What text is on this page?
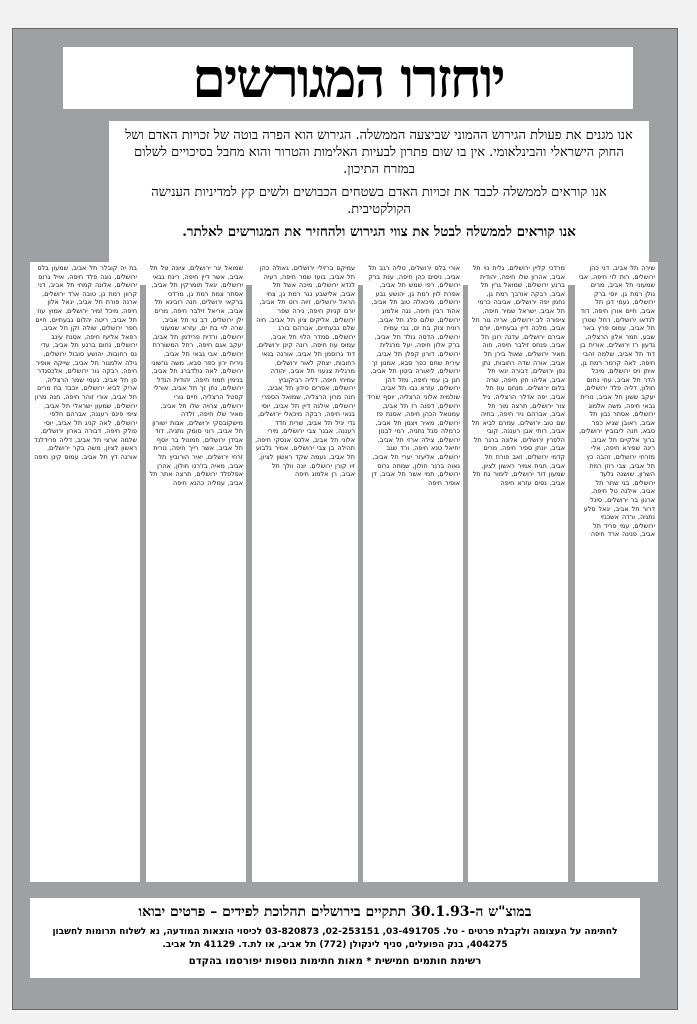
יוחזרו המגורשים

אנו מגנים את פעולת הגירוש ההמוני שביצעה הממשלה. הגירוש הוא הפרה בוטה של זכויות האדם ושל החוק הישראלי והבינלאומי. אין בו שום פתרון לבעיות האלימות והטרור והוא מחבל בסיכויים לשלום במזרח התיכון.

אנו קוראים לממשלה לכבד את זכויות האדם בשטחים הכבושים ולשים קץ למדיניות הענישה הקולקטיבית.

אנו קוראים לממשלה לבטל את צווי הגירוש ולהחזיר את המגורשים לאלתר.

שירה תל אביב, דני כהן ירושלים, רות לוי חיפה, אבי שמעוני תל אביב, מרים גולן רמת גן, יוסי ברק ירושלים, נעמי דגן תל אביב, חיים אורן חיפה, דוד לנדאו ירושלים, רחל שטרן תל אביב, עמוס פרץ באר שבע, תמר אלון הרצליה, גדעון רז ירושלים, אורית בן דוד תל אביב, שלמה זהבי חיפה, לאה קרמר רמת גן, איתן ויס ירושלים, מיכל הדר תל אביב, עוזי נחום חולון, דליה פלד ירושלים, יעקב ששון תל אביב, נורית גבאי חיפה, משה אלמוג ירושלים, אסתר נבון תל אביב, ראובן שגיא כפר סבא, חנה ליבוביץ ירושלים, ברוך אלקיים תל אביב, רינה שפירא חיפה, אלי מזרחי ירושלים, זהבה כץ תל אביב, צבי רוזן רמת השרון, שושנה גלעד ירושלים, בני שחר תל אביב, אילנה טל חיפה, ארנון בר ירושלים, סיגל דרור תל אביב, יגאל סלע נתניה, ורדה אשכנזי ירושלים, עמי פריד תל אביב, פנינה ארד חיפה
מרדכי קליין ירושלים, גלית נוי תל אביב, אהרון שלו חיפה, יהודית ברנע ירושלים, שמואל גרין תל אביב, רבקה אורבך רמת גן, נחמן יפה ירושלים, אביבה כרמי תל אביב, ישראל שמיר חיפה, ציפורה לב ירושלים, אריה גור תל אביב, מלכה דיין גבעתיים, יורם אבירם ירושלים, עדנה רונן תל אביב, פנחס זילבר חיפה, חוה מאיר ירושלים, שאול בירן תל אביב, אורה שדה רחובות, נתן גפן ירושלים, דבורה ינאי תל אביב, אליהו חזן חיפה, שרה בלום ירושלים, מנחם עוז תל אביב, יפה אדלר הרצליה, גיל צור ירושלים, תרצה מור תל אביב, אברהם ניר חיפה, בתיה שם טוב ירושלים, עמרם לביא תל אביב, רותי אבן רעננה, קובי הלפרין ירושלים, אלונה ברגר תל אביב, יונתן ספיר חיפה, מרים קדמי ירושלים, זאב פורת תל אביב, חגית אמיר ראשון לציון, שמעון דוד ירושלים, לימור גת תל אביב, נסים עזרא חיפה
אורי בלס ירושלים, טליה רגב תל אביב, ניסים כהן חיפה, ענת ברק ירושלים, רפי שמש תל אביב, אפרת לוין רמת גן, יהושע גבע ירושלים, מיכאלה טוב תל אביב, אהוד רבין חיפה, נגה אלמוג ירושלים, שלום פלג תל אביב, רונית צוק בת ים, גבי עמית ירושלים, הדסה גולד תל אביב, ברק אלון חיפה, יעל מרגלית ירושלים, דורון קפלן תל אביב, עירית שחם כפר סבא, אמנון זך ירושלים, ליאורה ביטון תל אביב, חנן בן עמי חיפה, מזל דהן ירושלים, עזרא נבו תל אביב, שולמית אלוני הרצליה, יוסף שריד ירושלים, דפנה רז תל אביב, עמנואל הכהן חיפה, אסנת פז ירושלים, מאיר ויצמן תל אביב, כרמלה סגל נתניה, רמי לבנון ירושלים, צילה ארזי תל אביב, יחיאל טנא חיפה, ורד שגב ירושלים, אליעזר יערי תל אביב, נאוה ברנר חולון, שמחה גרוס ירושלים, תמי אשר תל אביב, דן אופיר חיפה
עמיקם ברזילי ירושלים, גאולה כהן תל אביב, בועז שמר חיפה, רעיה לנדא ירושלים, מיכה אשל תל אביב, אלישבע נגר רמת גן, צחי הראל ירושלים, זיוה רוט תל אביב, יורם קניוק חיפה, נירה שפר ירושלים, אליקים ציון תל אביב, חיה שלם גבעתיים, אברהם בורג ירושלים, סמדר הלוי תל אביב, עמוס עוז חיפה, רונה קינן ירושלים, דוד גרוסמן תל אביב, אורנה בנאי רחובות, יצחק לאור ירושלים, מרגלית צנעני תל אביב, יהודה עמיחי חיפה, דליה רביקוביץ ירושלים, אפרים סידון תל אביב, חנה מרון הרצליה, שמואל הספרי ירושלים, אילנה דיין תל אביב, יוסי בנאי חיפה, רבקה מיכאלי ירושלים, גדי יגיל תל אביב, שרית חדד רעננה, אבנר צבי ירושלים, מירי אלוני תל אביב, אלכס אנסקי חיפה, תהילה בן צבי ירושלים, אמיר גלבוע תל אביב, נעמה שקד ראשון לציון, זיו קורן ירושלים, יונה וולך תל אביב, רן אלמוג חיפה
שמואל יגר ירושלים, ציונה טל תל אביב, אשר דיין חיפה, רינת גבאי ירושלים, יגאל תומרקין תל אביב, אסתר צמח רמת גן, מרדכי ברקאי ירושלים, חנה רובינא תל אביב, אריאל זילבר חיפה, מרים ילן ירושלים, דב נוי תל אביב, שרה לוי בת ים, עזרא שמעוני ירושלים, ורדית פרידמן תל אביב, יעקב אגם חיפה, רחל המשוררת ירושלים, אבי גבאי תל אביב, נירית ירון כפר סבא, משה גרשוני ירושלים, לאה גולדברג תל אביב, בנימין תמוז חיפה, יהודית הנדל ירושלים, נתן זך תל אביב, אורלי קסטל הרצליה, חיים גורי ירושלים, צרויה שלו תל אביב, מאיר שלו חיפה, זלדה מישקובסקי ירושלים, אבות ישורון תל אביב, רוני סומק נתניה, דוד אבידן ירושלים, חמוטל בר יוסף תל אביב, אשר רייך חיפה, נורית זרחי ירושלים, יאיר הורוביץ תל אביב, מאיה בז'רנו חולון, אהרן אפלפלד ירושלים, תרצה אתר תל אביב, עמליה כהנא חיפה
בת יה קובלר תל אביב, שמעון בלס ירושלים, נוגה פלד חיפה, אייל גרוס ירושלים, אלונה קמחי תל אביב, דני קרוון רמת גן, טובה ארד ירושלים, ארנה פורת תל אביב, יגאל אלון חיפה, מיכל זמיר ירושלים, אמוץ עוז תל אביב, ריטה יהלום גבעתיים, חיים חפר ירושלים, שולה זקן תל אביב, רפאל אליעז חיפה, אסנת עינב ירושלים, נחום ברנע תל אביב, עדי נס רחובות, יהושע סובול ירושלים, גילה אלמגור תל אביב, שייקה אופיר חיפה, רבקה גור ירושלים, אלכסנדר פן תל אביב, נעמי שמר הרצליה, אריק לביא ירושלים, יוכבד בת מרים תל אביב, אורי זוהר חיפה, חנה מרון ירושלים, שמעון ישראלי תל אביב, ציפי פינס רעננה, אברהם חלפי ירושלים, לאה קניג תל אביב, יוסי פולק חיפה, דבורה בארון ירושלים, שלמה ארצי תל אביב, דליה פרידלנד ראשון לציון, משה בקר ירושלים, אורנה דץ תל אביב, עמוס קינן חיפה

במוצ"ש ה-30.1.93 תתקיים בירושלים תהלוכת לפידים – פרטים יבואו

לחתימה על העצומה ולקבלת פרטים - טל. 03-491705, 02-253151, 03-820873 לכיסוי הוצאות המודעה, נא לשלוח תרומות לחשבון 404275, בנק הפועלים, סניף לינקולן (772) תל אביב, או לת.ד. 41129 תל אביב.

רשימת חותמים חמישית * מאות חתימות נוספות יפורסמו בהקדם
